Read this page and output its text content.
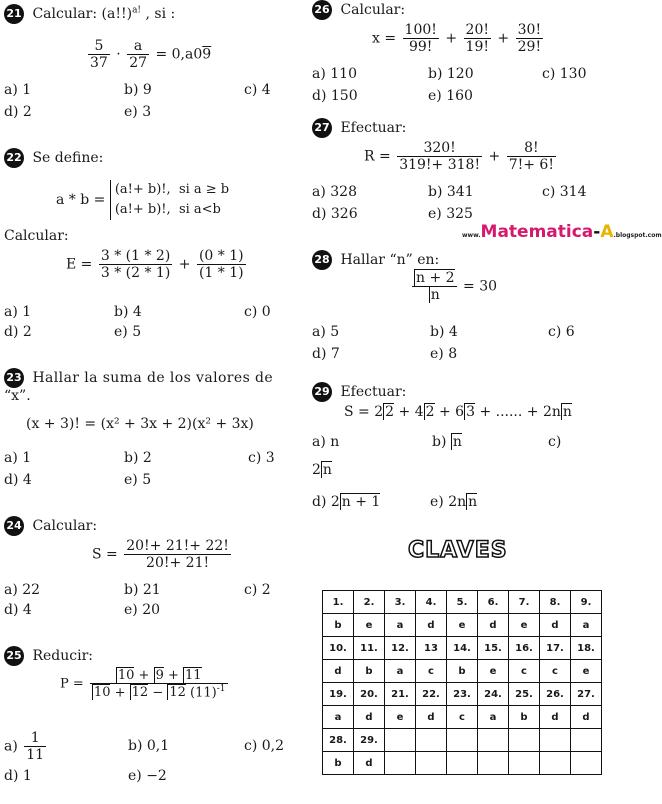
21 Calcular: $(a!!)^{a!}$ , si :
$\frac{5}{37} \cdot \frac{a}{27} = 0,a09$
a) 1	b) 9	c) 4
d) 2	e) 3
22 Se define:
a * b = (a!+ b)!, si a ≥ b
(a!+ b)!, si a<b
Calcular:
$E = \frac{3 * (1 * 2)}{3 * (2 * 1)} + \frac{(0 * 1)}{(1 * 1)}$
a) 1	b) 4	c) 0
d) 2	e) 5
23 Hallar la suma de los valores de
“x”.
(x + 3)! = (x² + 3x + 2)(x² + 3x)
a) 1	b) 2	c) 3
d) 4	e) 5
24 Calcular:
$S = \frac{20!+ 21!+ 22!}{20!+ 21!}$
a) 22	b) 21	c) 2
d) 4	e) 20
25 Reducir:
$P = \frac{10 + 9 + 11}{10 + 12 - 12 (11)^{-1}}$
$a) \frac{1}{11}$	b) 0,1	c) 0,2
d) 1	e) −2
26 Calcular:
$x = \frac{100!}{99!} + \frac{20!}{19!} + \frac{30!}{29!}$
a) 110	b) 120	c) 130
d) 150	e) 160
27 Efectuar:
$R = \frac{320!}{319!+ 318!} + \frac{8!}{7!+ 6!}$
a) 328	b) 341	c) 314
d) 326	e) 325
www.Matematica-A.blogspot.com
28 Hallar “n” en:
$\frac{n + 2}{n} = 30$
a) 5	b) 4	c) 6
d) 7	e) 8
29 Efectuar:
S = 2 2 + 4 2 + 6 3 + ...... + 2n n
a) n	b) n	c)
2 n
d) 2 n + 1	e) 2n n
CLAVES
1.	2.	3.	4.	5.	6.	7.	8.	9.
b	e	a	d	e	d	e	d	a
10.	11.	12.	13	14.	15.	16.	17.	18.
d	b	a	c	b	e	c	c	e
19.	20.	21.	22.	23.	24.	25.	26.	27.
a	d	e	d	c	a	b	d	d
28.	29.							
b	d							
